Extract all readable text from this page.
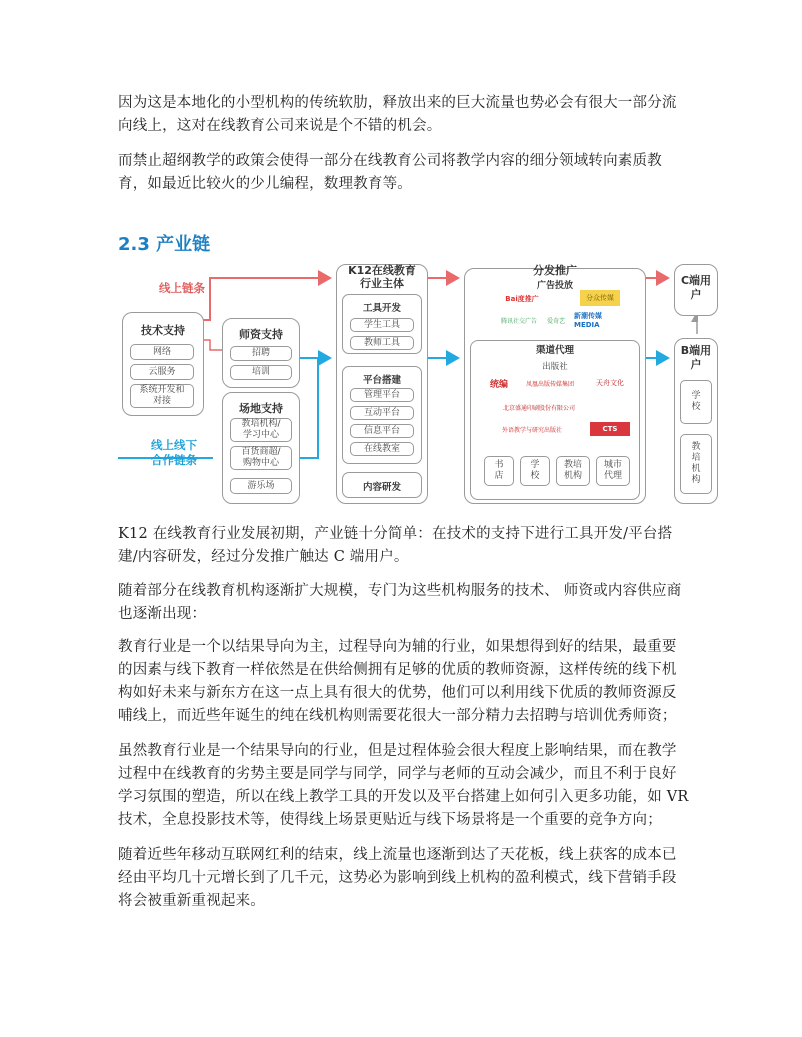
因为这是本地化的小型机构的传统软肋，释放出来的巨大流量也势必会有很大一部分流向线上，这对在线教育公司来说是个不错的机会。

而禁止超纲教学的政策会使得一部分在线教育公司将教学内容的细分领域转向素质教育，如最近比较火的少儿编程，数理教育等。

2.3 产业链
线上链条
线上线下合作链条
技术支持
网络
云服务
系统开发和对接
师资支持
招聘
培训
场地支持
教培机构/学习中心
百货商超/购物中心
游乐场
K12在线教育行业主体
工具开发
学生工具
教师工具
平台搭建
管理平台
互动平台
信息平台
在线教室
内容研发
分发推广
广告投放
Bai度推广	分众传媒
腾讯社交广告	爱奇艺
新潮传媒 MEDIA
渠道代理
出版社
统编	凤凰出版传媒集团	天舟文化
北京盛通印刷股份有限公司
外语教学与研究出版社	CTS
书店
学校
教培机构
城市代理
C端用户
B端用户
学校
教培机构

K12 在线教育行业发展初期，产业链十分简单：在技术的支持下进行工具开发/平台搭建/内容研发，经过分发推广触达 C 端用户。

随着部分在线教育机构逐渐扩大规模，专门为这些机构服务的技术、 师资或内容供应商也逐渐出现：

教育行业是一个以结果导向为主，过程导向为辅的行业，如果想得到好的结果，最重要的因素与线下教育一样依然是在供给侧拥有足够的优质的教师资源，这样传统的线下机构如好未来与新东方在这一点上具有很大的优势，他们可以利用线下优质的教师资源反哺线上，而近些年诞生的纯在线机构则需要花很大一部分精力去招聘与培训优秀师资；

虽然教育行业是一个结果导向的行业，但是过程体验会很大程度上影响结果，而在教学过程中在线教育的劣势主要是同学与同学，同学与老师的互动会减少，而且不利于良好学习氛围的塑造，所以在线上教学工具的开发以及平台搭建上如何引入更多功能，如 VR 技术，全息投影技术等，使得线上场景更贴近与线下场景将是一个重要的竞争方向；

随着近些年移动互联网红利的结束，线上流量也逐渐到达了天花板，线上获客的成本已经由平均几十元增长到了几千元，这势必为影响到线上机构的盈利模式，线下营销手段将会被重新重视起来。
